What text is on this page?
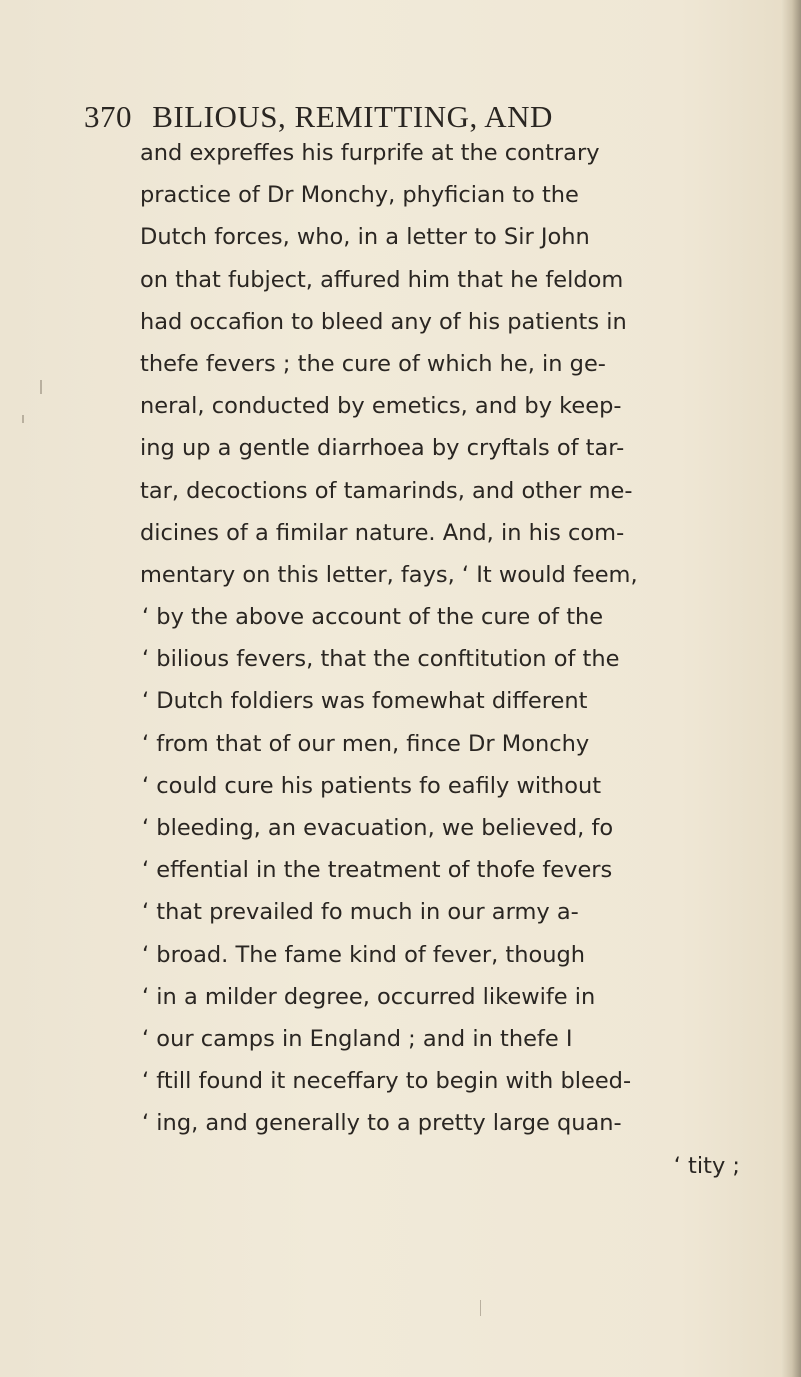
370 BILIOUS, REMITTING, AND
and expreffes his furprife at the contrary
practice of Dr Monchy, phyfician to the
Dutch forces, who, in a letter to Sir John
on that fubject, affured him that he feldom
had occafion to bleed any of his patients in
thefe fevers ; the cure of which he, in ge-
neral, conducted by emetics, and by keep-
ing up a gentle diarrhoea by cryftals of tar-
tar, decoctions of tamarinds, and other me-
dicines of a fimilar nature. And, in his com-
mentary on this letter, fays, ‘ It would feem,
‘ by the above account of the cure of the
‘ bilious fevers, that the conftitution of the
‘ Dutch foldiers was fomewhat different
‘ from that of our men, fince Dr Monchy
‘ could cure his patients fo eafily without
‘ bleeding, an evacuation, we believed, fo
‘ effential in the treatment of thofe fevers
‘ that prevailed fo much in our army a-
‘ broad. The fame kind of fever, though
‘ in a milder degree, occurred likewife in
‘ our camps in England ; and in thefe I
‘ ftill found it neceffary to begin with bleed-
‘ ing, and generally to a pretty large quan-
‘ tity ;
